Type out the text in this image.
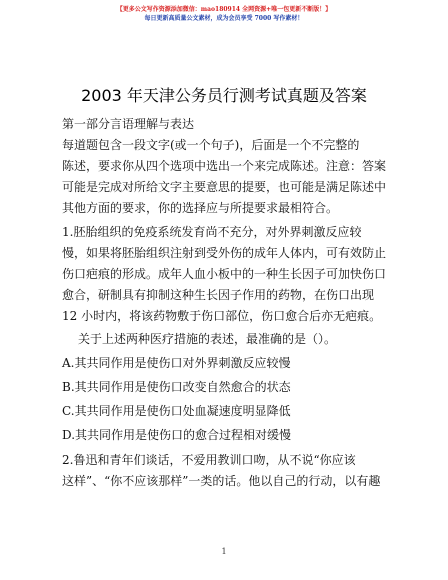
【更多公文写作资源添加微信：mao180914 全网资源+唯一包更新不断版！】
每日更新高质量公文素材，成为会员享受 7000 写作素材！
2003 年天津公务员行测考试真题及答案
第一部分言语理解与表达
每道题包含一段文字(或一个句子)，后面是一个不完整的
陈述，要求你从四个选项中选出一个来完成陈述。注意：答案
可能是完成对所给文字主要意思的提要，也可能是满足陈述中
其他方面的要求，你的选择应与所提要求最相符合。
1.胚胎组织的免疫系统发育尚不充分，对外界刺激反应较
慢，如果将胚胎组织注射到受外伤的成年人体内，可有效防止
伤口疤痕的形成。成年人血小板中的一种生长因子可加快伤口
愈合，研制具有抑制这种生长因子作用的药物，在伤口出现
12 小时内，将该药物敷于伤口部位，伤口愈合后亦无疤痕。
关于上述两种医疗措施的表述，最准确的是（）。
A.其共同作用是使伤口对外界刺激反应较慢
B.其共同作用是使伤口改变自然愈合的状态
C.其共同作用是使伤口处血凝速度明显降低
D.其共同作用是使伤口的愈合过程相对缓慢
2.鲁迅和青年们谈话，不爱用教训口吻，从不说“你应该
这样”、“你不应该那样”一类的话。他以自己的行动，以有趣
1
